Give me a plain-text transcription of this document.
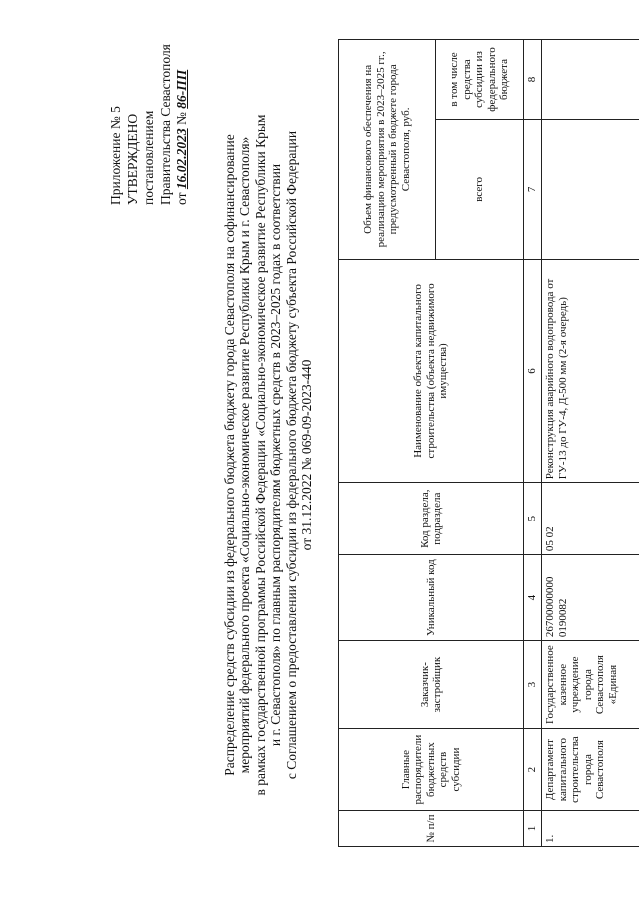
Приложение № 5 УТВЕРЖДЕНО постановлением Правительства Севастополя от 16.02.2023 № 86-ПП
Распределение средств субсидии из федерального бюджета бюджету города Севастополя на софинансирование мероприятий федерального проекта «Социально-экономическое развитие Республики Крым и г. Севастополя» в рамках государственной программы Российской Федерации «Социально-экономическое развитие Республики Крым и г. Севастополя» по главным распорядителям бюджетных средств в 2023–2025 годах в соответствии с Соглашением о предоставлении субсидии из федерального бюджета бюджету субъекта Российской Федерации от 31.12.2022 № 069-09-2023-440
№ п/п	Главные распорядители бюджетных средств субсидии	Заказчик-застройщик	Уникальный код	Код раздела, подраздела	Наименование объекта капитального строительства (объекта недвижимого имущества)	Объем финансового обеспечения на реализацию мероприятия в 2023–2025 гг., предусмотренный в бюджете города Севастополя, руб.	
						всего	в том числе средства субсидии из федерального бюджета
1	2	3	4	5	6	7	8
1.	Департамент капитального строительства города Севастополя	Государственное казенное учреждение города Севастополя «Единая	26700000000 0190082	05 02	Реконструкция аварийного водопровода от ГУ-13 до ГУ-4, Д-500 мм (2-я очередь)		
